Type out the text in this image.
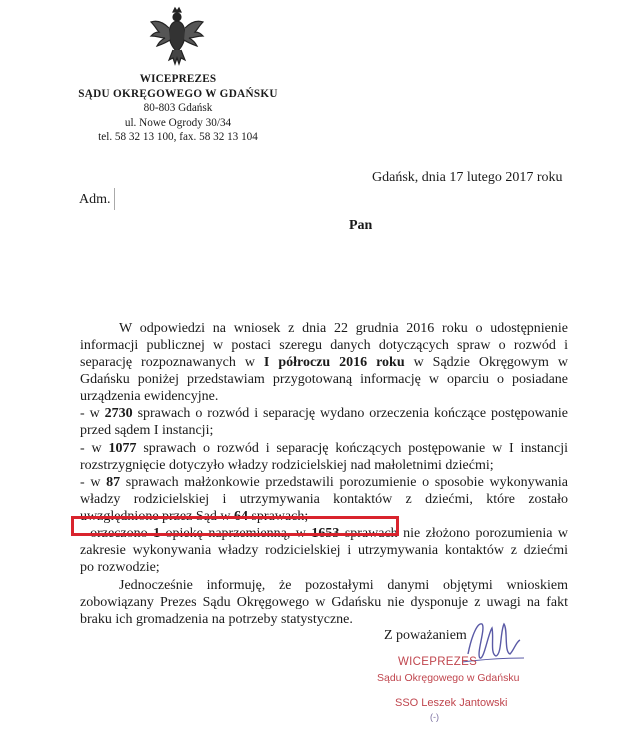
WICEPREZES
SĄDU OKRĘGOWEGO W GDAŃSKU
80-803 Gdańsk
ul. Nowe Ogrody 30/34
tel. 58 32 13 100, fax. 58 32 13 104
Gdańsk, dnia 17 lutego 2017 roku
Adm.
Pan
W odpowiedzi na wniosek z dnia 22 grudnia 2016 roku o udostępnienie
informacji publicznej w postaci szeregu danych dotyczących spraw o rozwód i
separację rozpoznawanych w I półroczu 2016 roku w Sądzie Okręgowym w
Gdańsku poniżej przedstawiam przygotowaną informację w oparciu o posiadane
urządzenia ewidencyjne.
- w 2730 sprawach o rozwód i separację wydano orzeczenia kończące postępowanie
przed sądem I instancji;
- w 1077 sprawach o rozwód i separację kończących postępowanie w I instancji
rozstrzygnięcie dotyczyło władzy rodzicielskiej nad małoletnimi dziećmi;
- w 87 sprawach małżonkowie przedstawili porozumienie o sposobie wykonywania
władzy rodzicielskiej i utrzymywania kontaktów z dziećmi, które zostało
uwzględnione przez Sąd w 64 sprawach;
- orzeczono 1 opiekę naprzemienną, w 1653 sprawach nie złożono porozumienia w
zakresie wykonywania władzy rodzicielskiej i utrzymywania kontaktów z dziećmi
po rozwodzie;
Jednocześnie informuję, że pozostałymi danymi objętymi wnioskiem
zobowiązany Prezes Sądu Okręgowego w Gdańsku nie dysponuje z uwagi na fakt
braku ich gromadzenia na potrzeby statystyczne.
Z poważaniem
WICEPREZES
Sądu Okręgowego w Gdańsku
SSO Leszek Jantowski
(-)
